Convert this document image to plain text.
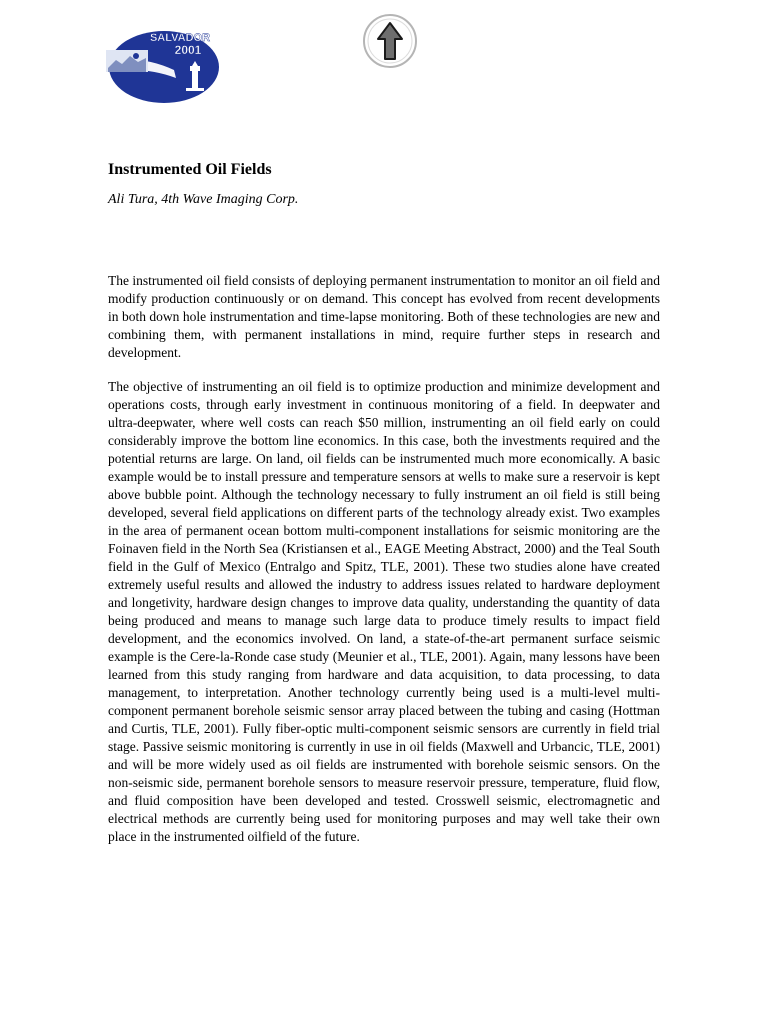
SALVADOR
2001
Instrumented Oil Fields

Ali Tura, 4th Wave Imaging Corp.

The instrumented oil field consists of deploying permanent instrumentation to monitor an oil field and modify production continuously or on demand. This concept has evolved from recent developments in both down hole instrumentation and time-lapse monitoring. Both of these technologies are new and combining them, with permanent installations in mind, require further steps in research and development.

The objective of instrumenting an oil field is to optimize production and minimize development and operations costs, through early investment in continuous monitoring of a field. In deepwater and ultra-deepwater, where well costs can reach $50 million, instrumenting an oil field early on could considerably improve the bottom line economics. In this case, both the investments required and the potential returns are large. On land, oil fields can be instrumented much more economically. A basic example would be to install pressure and temperature sensors at wells to make sure a reservoir is kept above bubble point. Although the technology necessary to fully instrument an oil field is still being developed, several field applications on different parts of the technology already exist. Two examples in the area of permanent ocean bottom multi-component installations for seismic monitoring are the Foinaven field in the North Sea (Kristiansen et al., EAGE Meeting Abstract, 2000) and the Teal South field in the Gulf of Mexico (Entralgo and Spitz, TLE, 2001). These two studies alone have created extremely useful results and allowed the industry to address issues related to hardware deployment and longetivity, hardware design changes to improve data quality, understanding the quantity of data being produced and means to manage such large data to produce timely results to impact field development, and the economics involved. On land, a state-of-the-art permanent surface seismic example is the Cere-la-Ronde case study (Meunier et al., TLE, 2001). Again, many lessons have been learned from this study ranging from hardware and data acquisition, to data processing, to data management, to interpretation. Another technology currently being used is a multi-level multi-component permanent borehole seismic sensor array placed between the tubing and casing (Hottman and Curtis, TLE, 2001). Fully fiber-optic multi-component seismic sensors are currently in field trial stage. Passive seismic monitoring is currently in use in oil fields (Maxwell and Urbancic, TLE, 2001) and will be more widely used as oil fields are instrumented with borehole seismic sensors. On the non-seismic side, permanent borehole sensors to measure reservoir pressure, temperature, fluid flow, and fluid composition have been developed and tested. Crosswell seismic, electromagnetic and electrical methods are currently being used for monitoring purposes and may well take their own place in the instrumented oilfield of the future.
